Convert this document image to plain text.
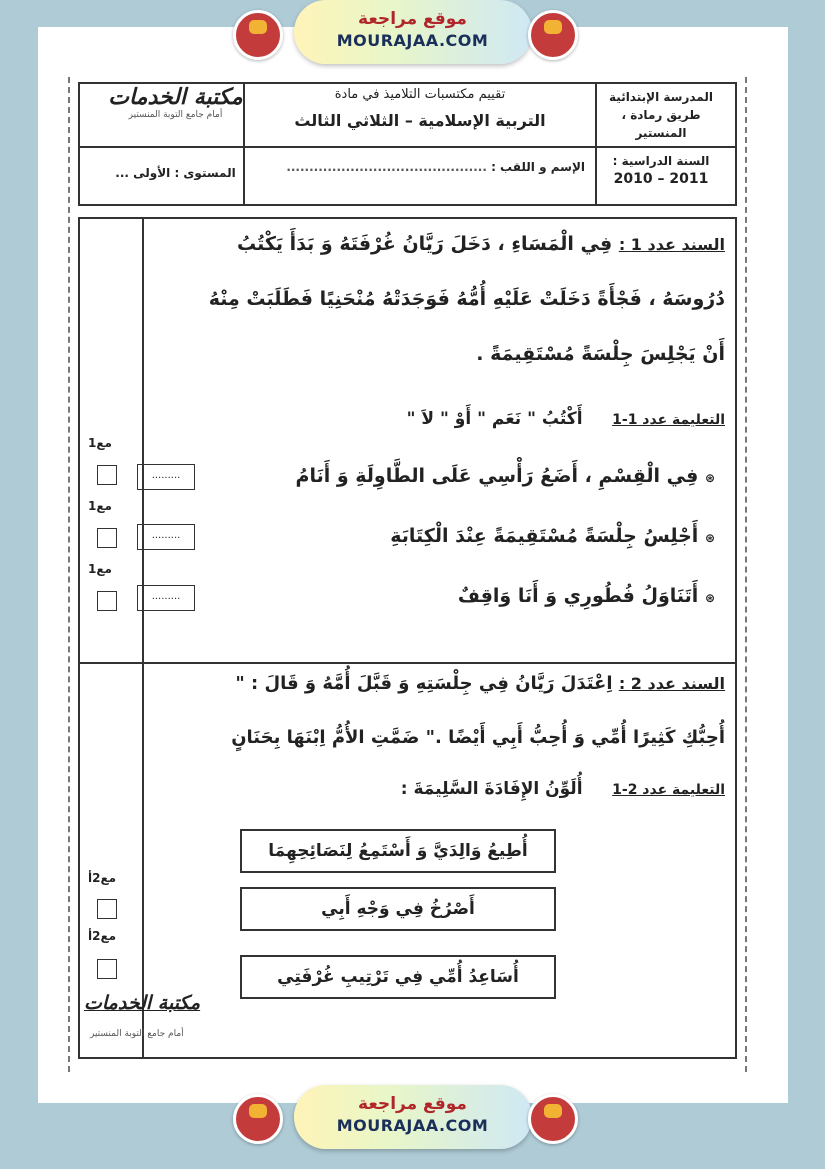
موقع مراجعة
MOURAJAA.COM
المدرسة الإبتدائية
طريق رمادة ، المنستير
السنة الدراسية :
2011 – 2010
تقييم مكتسبات التلاميذ في مادة
التربية الإسلامية – الثلاثي الثالث
الإسم و اللقب : ............................................
مكتبة الخدمات
أمام جامع التوبة المنستير
المستوى : الأولى ...
مع1
مع1
مع1
السند عدد 1 : فِي الْمَسَاءِ ، دَخَلَ رَيَّانُ غُرْفَتَهُ وَ بَدَأَ يَكْتُبُ
دُرُوسَهُ ، فَجْأَةً دَخَلَتْ عَلَيْهِ أُمُّهُ فَوَجَدَتْهُ مُنْحَنِيًا فَطَلَبَتْ مِنْهُ
أَنْ يَجْلِسَ جِلْسَةً مُسْتَقِيمَةً .
التعليمة عدد 1-1     أَكْتُبُ " نَعَم " أَوْ " لاَ "
⊛ فِي الْقِسْمِ ، أَضَعُ رَأْسِي عَلَى الطَّاوِلَةِ وَ أَنَامُ
.........
⊛ أَجْلِسُ جِلْسَةً مُسْتَقِيمَةً عِنْدَ الْكِتَابَةِ
.........
⊛ أَتَنَاوَلُ فُطُورِي وَ أَنَا وَاقِفٌ
.........
مع2أ
مع2أ
السند عدد 2 : اِعْتَدَلَ رَيَّانُ فِي جِلْسَتِهِ وَ قَبَّلَ أُمَّهُ وَ قَالَ : "
أُحِبُّكِ كَثِيرًا أُمِّي وَ أُحِبُّ أَبِي أَيْضًا ." ضَمَّتِ الأُمُّ اِبْنَهَا بِحَنَانٍ
التعليمة عدد 2-1     أُلَوِّنُ الإِفَادَةَ السَّلِيمَةَ :
أُطِيعُ وَالِدَيَّ وَ أَسْتَمِعُ لِنَصَائِحِهِمَا
أَصْرُخُ فِي وَجْهِ أَبِي
أُسَاعِدُ أُمِّي فِي تَرْتِيبِ غُرْفَتِي
مكتبة الخدمات
أمام جامع التوبة المنستير
موقع مراجعة
MOURAJAA.COM
